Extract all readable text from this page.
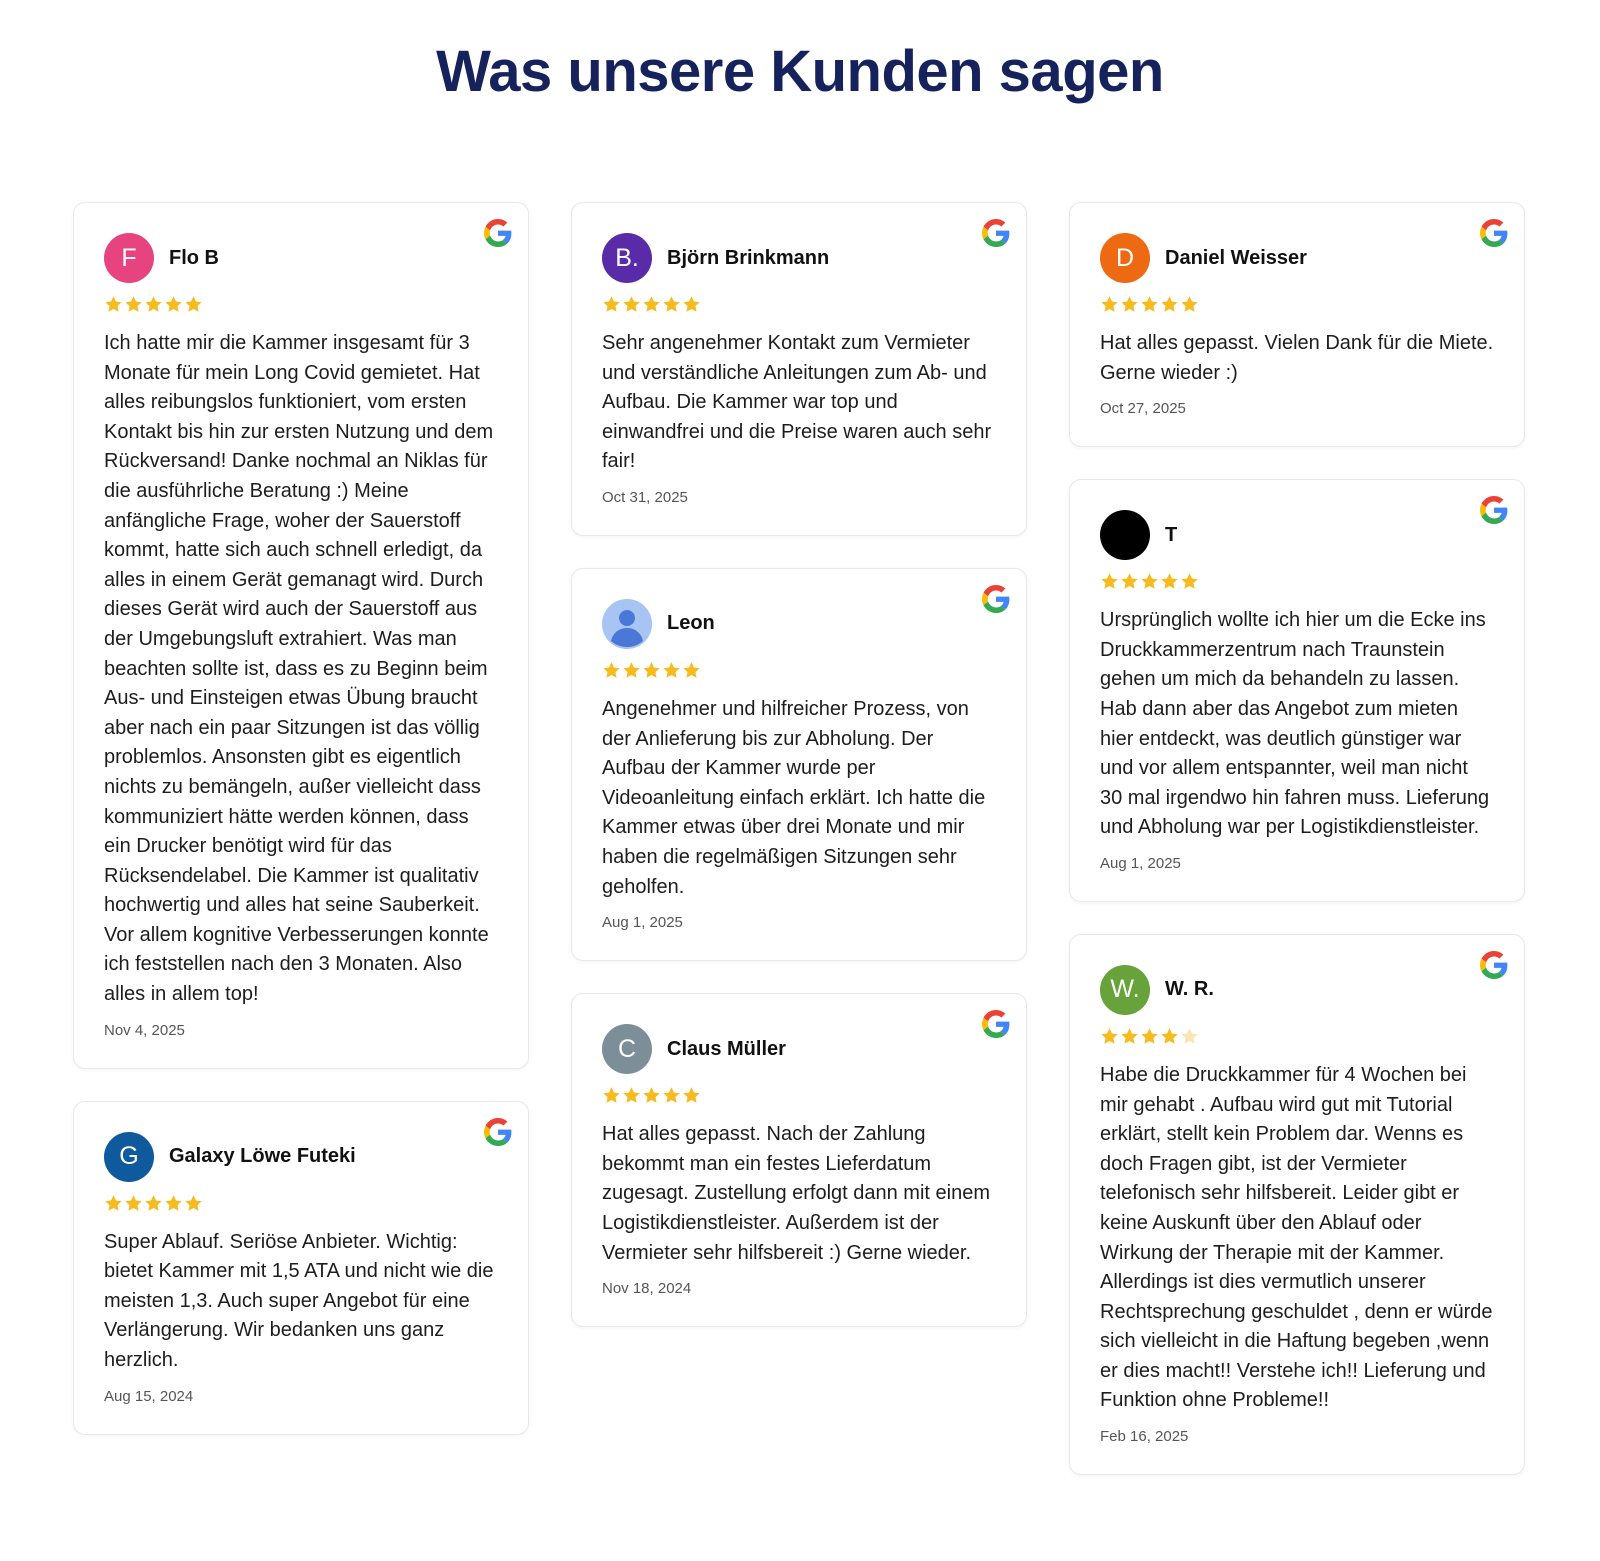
Was unsere Kunden sagen
F	Flo B

Ich hatte mir die Kammer insgesamt für 3 Monate für mein Long Covid gemietet. Hat alles reibungslos funktioniert, vom ersten Kontakt bis hin zur ersten Nutzung und dem Rückversand! Danke nochmal an Niklas für die ausführliche Beratung :) Meine anfängliche Frage, woher der Sauerstoff kommt, hatte sich auch schnell erledigt, da alles in einem Gerät gemanagt wird. Durch dieses Gerät wird auch der Sauerstoff aus der Umgebungsluft extrahiert. Was man beachten sollte ist, dass es zu Beginn beim Aus- und Einsteigen etwas Übung braucht aber nach ein paar Sitzungen ist das völlig problemlos. Ansonsten gibt es eigentlich nichts zu bemängeln, außer vielleicht dass kommuniziert hätte werden können, dass ein Drucker benötigt wird für das Rücksendelabel. Die Kammer ist qualitativ hochwertig und alles hat seine Sauberkeit. Vor allem kognitive Verbesserungen konnte ich feststellen nach den 3 Monaten. Also alles in allem top!

Nov 4, 2025
G	Galaxy Löwe Futeki

Super Ablauf. Seriöse Anbieter. Wichtig: bietet Kammer mit 1,5 ATA und nicht wie die meisten 1,3. Auch super Angebot für eine Verlängerung. Wir bedanken uns ganz herzlich.

Aug 15, 2024
B.	Björn Brinkmann

Sehr angenehmer Kontakt zum Vermieter und verständliche Anleitungen zum Ab- und Aufbau. Die Kammer war top und einwandfrei und die Preise waren auch sehr fair!

Oct 31, 2025
Leon

Angenehmer und hilfreicher Prozess, von der Anlieferung bis zur Abholung. Der Aufbau der Kammer wurde per Videoanleitung einfach erklärt. Ich hatte die Kammer etwas über drei Monate und mir haben die regelmäßigen Sitzungen sehr geholfen.

Aug 1, 2025
C	Claus Müller

Hat alles gepasst. Nach der Zahlung bekommt man ein festes Lieferdatum zugesagt. Zustellung erfolgt dann mit einem Logistikdienstleister. Außerdem ist der Vermieter sehr hilfsbereit :) Gerne wieder.

Nov 18, 2024
D	Daniel Weisser

Hat alles gepasst. Vielen Dank für die Miete. Gerne wieder :)

Oct 27, 2025
T

Ursprünglich wollte ich hier um die Ecke ins Druckkammerzentrum nach Traunstein gehen um mich da behandeln zu lassen. Hab dann aber das Angebot zum mieten hier entdeckt, was deutlich günstiger war und vor allem entspannter, weil man nicht 30 mal irgendwo hin fahren muss. Lieferung und Abholung war per Logistikdienstleister.

Aug 1, 2025
W.	W. R.

Habe die Druckkammer für 4 Wochen bei mir gehabt . Aufbau wird gut mit Tutorial erklärt, stellt kein Problem dar. Wenns es doch Fragen gibt, ist der Vermieter telefonisch sehr hilfsbereit. Leider gibt er keine Auskunft über den Ablauf oder Wirkung der Therapie mit der Kammer. Allerdings ist dies vermutlich unserer Rechtsprechung geschuldet , denn er würde sich vielleicht in die Haftung begeben ,wenn er dies macht!! Verstehe ich!! Lieferung und Funktion ohne Probleme!!

Feb 16, 2025
